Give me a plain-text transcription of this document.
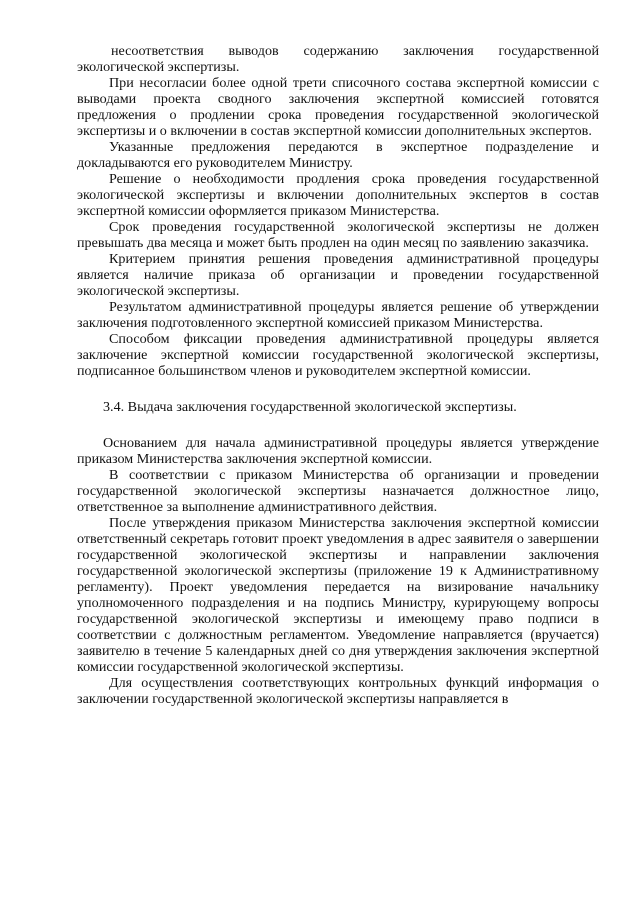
несоответствия выводов содержанию заключения государственной экологической экспертизы.

При несогласии более одной трети списочного состава экспертной комиссии с выводами проекта сводного заключения экспертной комиссией готовятся предложения о продлении срока проведения государственной экологической экспертизы и о включении в состав экспертной комиссии дополнительных экспертов.

Указанные предложения передаются в экспертное подразделение и докладываются его руководителем Министру.

Решение о необходимости продления срока проведения государственной экологической экспертизы и включении дополнительных экспертов в состав экспертной комиссии оформляется приказом Министерства.

Срок проведения государственной экологической экспертизы не должен превышать два месяца и может быть продлен на один месяц по заявлению заказчика.

Критерием принятия решения проведения административной процедуры является наличие приказа об организации и проведении государственной экологической экспертизы.

Результатом административной процедуры является решение об утверждении заключения подготовленного экспертной комиссией приказом Министерства.

Способом фиксации проведения административной процедуры является заключение экспертной комиссии государственной экологической экспертизы, подписанное большинством членов и руководителем экспертной комиссии.

3.4. Выдача заключения государственной экологической экспертизы.

Основанием для начала административной процедуры является утверждение приказом Министерства заключения экспертной комиссии.

В соответствии с приказом Министерства об организации и проведении государственной экологической экспертизы назначается должностное лицо, ответственное за выполнение административного действия.

После утверждения приказом Министерства заключения экспертной комиссии ответственный секретарь готовит проект уведомления в адрес заявителя о завершении государственной экологической экспертизы и направлении заключения государственной экологической экспертизы (приложение 19 к Административному регламенту). Проект уведомления передается на визирование начальнику уполномоченного подразделения и на подпись Министру, курирующему вопросы государственной экологической экспертизы и имеющему право подписи в соответствии с должностным регламентом. Уведомление направляется (вручается) заявителю в течение 5 календарных дней со дня утверждения заключения экспертной комиссии государственной экологической экспертизы.

Для осуществления соответствующих контрольных функций информация о заключении государственной экологической экспертизы направляется в
